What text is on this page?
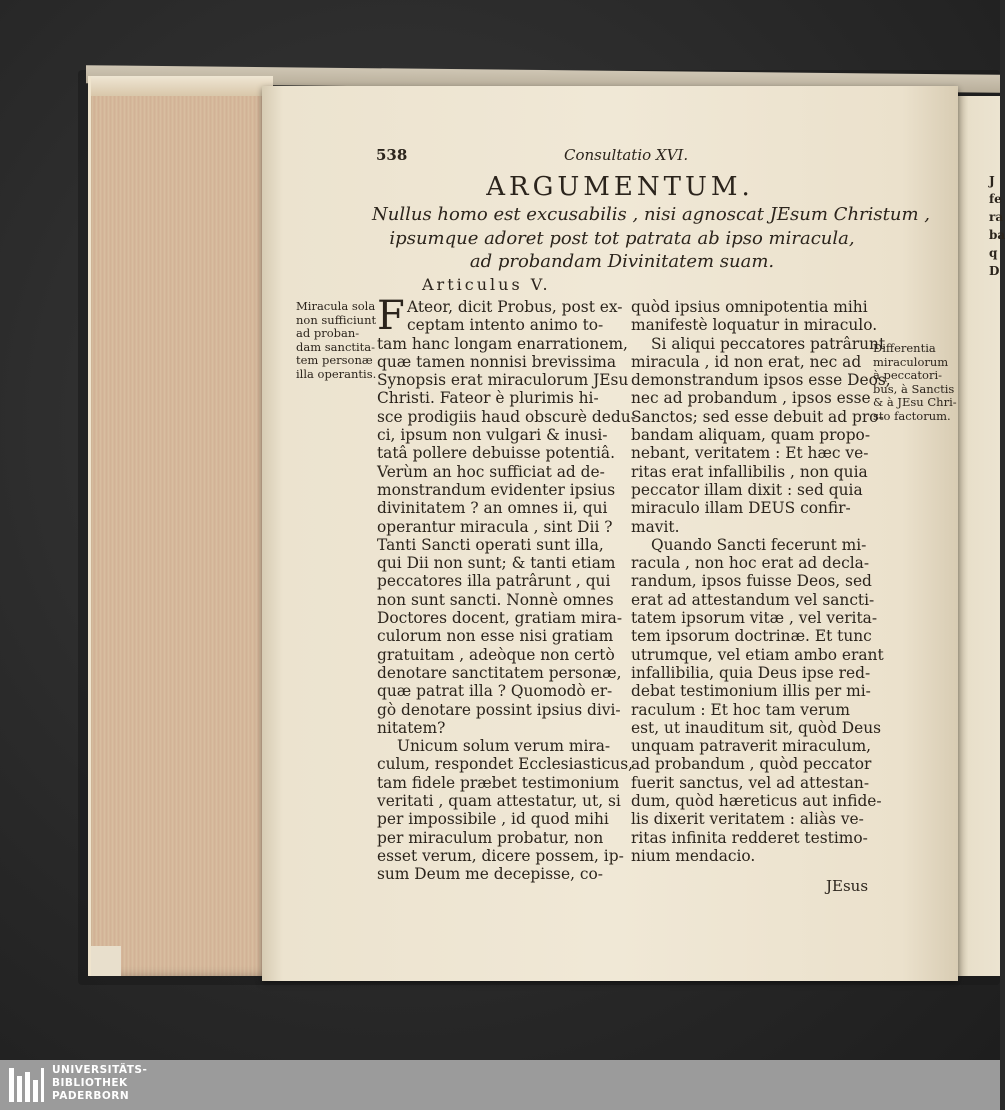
538	Consultatio XVI.
ARGUMENTUM.
Nullus homo est excusabilis , nisi agnoscat JEsum Christum ,
ipsumque adoret post tot patrata ab ipso miracula,
ad probandam Divinitatem suam.
Articulus V.
F
Miracula sola
non sufficiunt
ad proban-
dam sanctita-
tem personæ
illa operantis.
Differentia
miraculorum
à peccatori-
bus, à Sanctis
& à JEsu Chri-
sto factorum.
Ateor, dicit Probus, post ex-
ceptam intento animo to-
tam hanc longam enarrationem,
quæ tamen nonnisi brevissima
Synopsis erat miraculorum JEsu
Christi. Fateor è plurimis hi-
sce prodigiis haud obscurè dedu-
ci, ipsum non vulgari & inusi-
tatâ pollere debuisse potentiâ.
Verùm an hoc sufficiat ad de-
monstrandum evidenter ipsius
divinitatem ? an omnes ii, qui
operantur miracula , sint Dii ?
Tanti Sancti operati sunt illa,
qui Dii non sunt; & tanti etiam
peccatores illa patrârunt , qui
non sunt sancti. Nonnè omnes
Doctores docent, gratiam mira-
culorum non esse nisi gratiam
gratuitam , adeòque non certò
denotare sanctitatem personæ,
quæ patrat illa ? Quomodò er-
gò denotare possint ipsius divi-
nitatem?
Unicum solum verum mira-
culum, respondet Ecclesiasticus,
tam fidele præbet testimonium
veritati , quam attestatur, ut, si
per impossibile , id quod mihi
per miraculum probatur, non
esset verum, dicere possem, ip-
sum Deum me decepisse, co-
quòd ipsius omnipotentia mihi
manifestè loquatur in miraculo.
Si aliqui peccatores patrârunt
miracula , id non erat, nec ad
demonstrandum ipsos esse Deos,
nec ad probandum , ipsos esse
Sanctos; sed esse debuit ad pro-
bandam aliquam, quam propo-
nebant, veritatem : Et hæc ve-
ritas erat infallibilis , non quia
peccator illam dixit : sed quia
miraculo illam DEUS confir-
mavit.
Quando Sancti fecerunt mi-
racula , non hoc erat ad decla-
randum, ipsos fuisse Deos, sed
erat ad attestandum vel sancti-
tatem ipsorum vitæ , vel verita-
tem ipsorum doctrinæ. Et tunc
utrumque, vel etiam ambo erant
infallibilia, quia Deus ipse red-
debat testimonium illis per mi-
raculum : Et hoc tam verum
est, ut inauditum sit, quòd Deus
unquam patraverit miraculum,
ad probandum , quòd peccator
fuerit sanctus, vel ad attestan-
dum, quòd hæreticus aut infide-
lis dixerit veritatem : aliàs ve-
ritas infinita redderet testimo-
nium mendacio.
JEsus
J
fe
ra
ba
q
D
UNIVERSITÄTS-
BIBLIOTHEK
PADERBORN
